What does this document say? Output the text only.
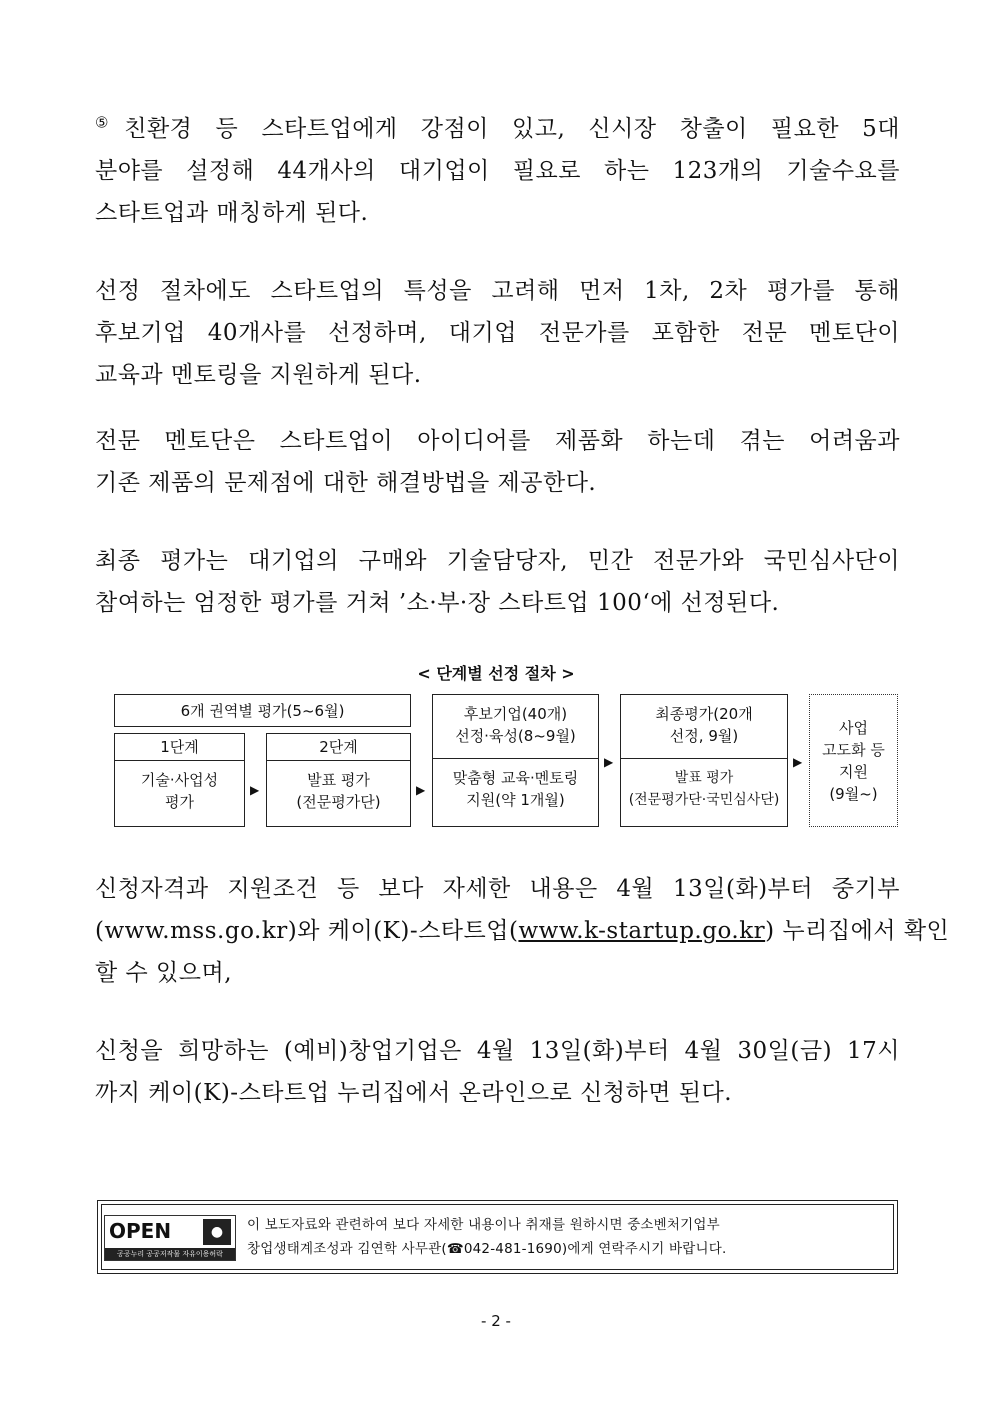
⑤친환경 등 스타트업에게 강점이 있고, 신시장 창출이 필요한 5대
분야를 설정해 44개사의 대기업이 필요로 하는 123개의 기술수요를
스타트업과 매칭하게 된다.
선정 절차에도 스타트업의 특성을 고려해 먼저 1차, 2차 평가를 통해
후보기업 40개사를 선정하며, 대기업 전문가를 포함한 전문 멘토단이
교육과 멘토링을 지원하게 된다.
전문 멘토단은 스타트업이 아이디어를 제품화 하는데 겪는 어려움과
기존 제품의 문제점에 대한 해결방법을 제공한다.
최종 평가는 대기업의 구매와 기술담당자, 민간 전문가와 국민심사단이
참여하는 엄정한 평가를 거쳐 ’소·부·장 스타트업 100‘에 선정된다.
< 단계별 선정 절차 >
6개 권역별 평가(5~6월)
1단계
기술·사업성
평가
▶
2단계
발표 평가
(전문평가단)
▶
후보기업(40개)
선정·육성(8~9월)
맞춤형 교육·멘토링
지원(약 1개월)
▶
최종평가(20개
선정, 9월)
발표 평가
(전문평가단·국민심사단)
▶
사업
고도화 등
지원
(9월~)
신청자격과 지원조건 등 보다 자세한 내용은 4월 13일(화)부터 중기부
(www.mss.go.kr)와 케이(K)-스타트업(www.k-startup.go.kr) 누리집에서 확인
할 수 있으며,
신청을 희망하는 (예비)창업기업은 4월 13일(화)부터 4월 30일(금) 17시
까지 케이(K)-스타트업 누리집에서 온라인으로 신청하면 된다.
OPEN	●
공공누리 공공저작물 자유이용허락
이 보도자료와 관련하여 보다 자세한 내용이나 취재를 원하시면 중소벤처기업부
창업생태계조성과 김연학 사무관(☎042-481-1690)에게 연락주시기 바랍니다.
- 2 -
